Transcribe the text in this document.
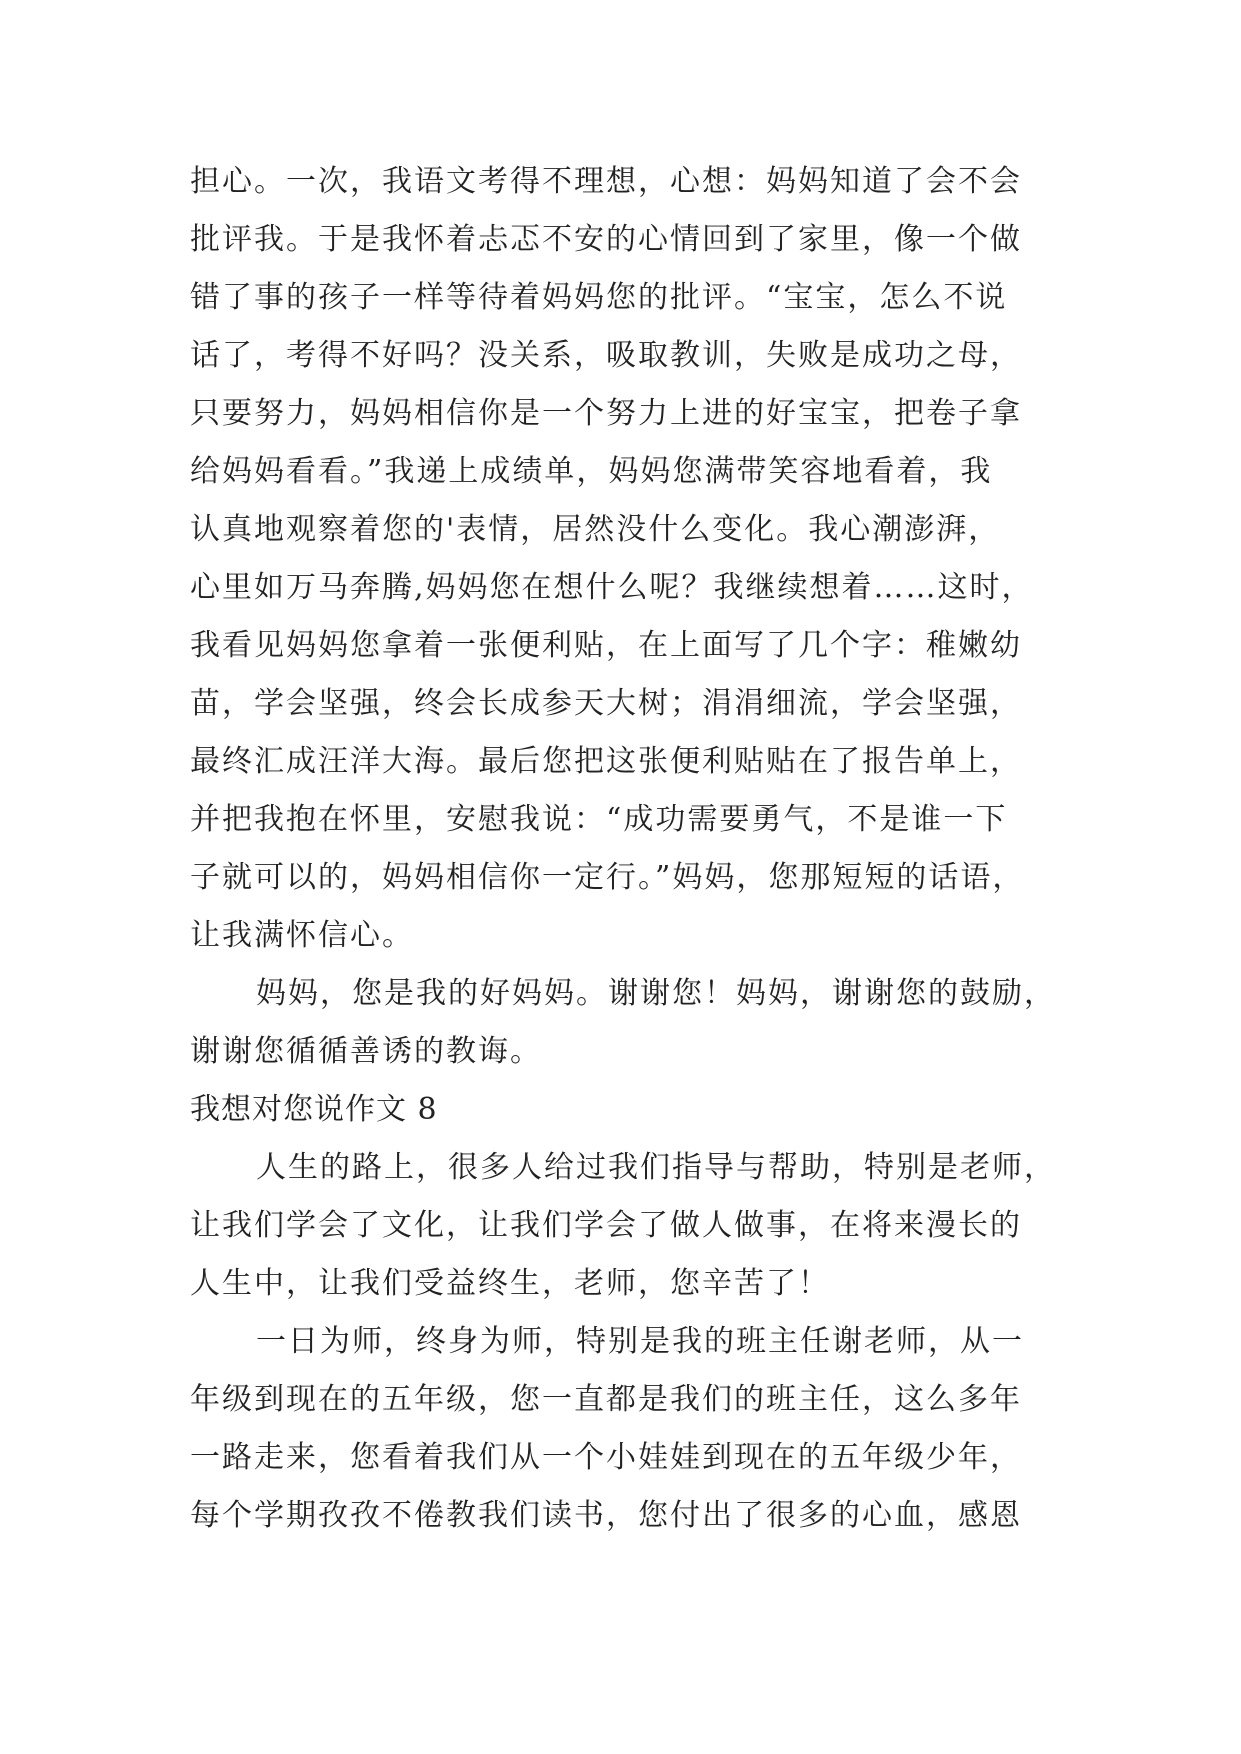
担心。一次，我语文考得不理想，心想：妈妈知道了会不会
批评我。于是我怀着忐忑不安的心情回到了家里，像一个做
错了事的孩子一样等待着妈妈您的批评。“宝宝，怎么不说
话了，考得不好吗？没关系，吸取教训，失败是成功之母，
只要努力，妈妈相信你是一个努力上进的好宝宝，把卷子拿
给妈妈看看。”我递上成绩单，妈妈您满带笑容地看着，我
认真地观察着您的'表情，居然没什么变化。我心潮澎湃，
心里如万马奔腾,妈妈您在想什么呢？我继续想着……这时，
我看见妈妈您拿着一张便利贴，在上面写了几个字：稚嫩幼
苗，学会坚强，终会长成参天大树；涓涓细流，学会坚强，
最终汇成汪洋大海。最后您把这张便利贴贴在了报告单上，
并把我抱在怀里，安慰我说：“成功需要勇气，不是谁一下
子就可以的，妈妈相信你一定行。”妈妈，您那短短的话语，
让我满怀信心。
妈妈，您是我的好妈妈。谢谢您！妈妈，谢谢您的鼓励，
谢谢您循循善诱的教诲。
我想对您说作文 8
人生的路上，很多人给过我们指导与帮助，特别是老师，
让我们学会了文化，让我们学会了做人做事，在将来漫长的
人生中，让我们受益终生，老师，您辛苦了！
一日为师，终身为师，特别是我的班主任谢老师，从一
年级到现在的五年级，您一直都是我们的班主任，这么多年
一路走来，您看着我们从一个小娃娃到现在的五年级少年，
每个学期孜孜不倦教我们读书，您付出了很多的心血，感恩
